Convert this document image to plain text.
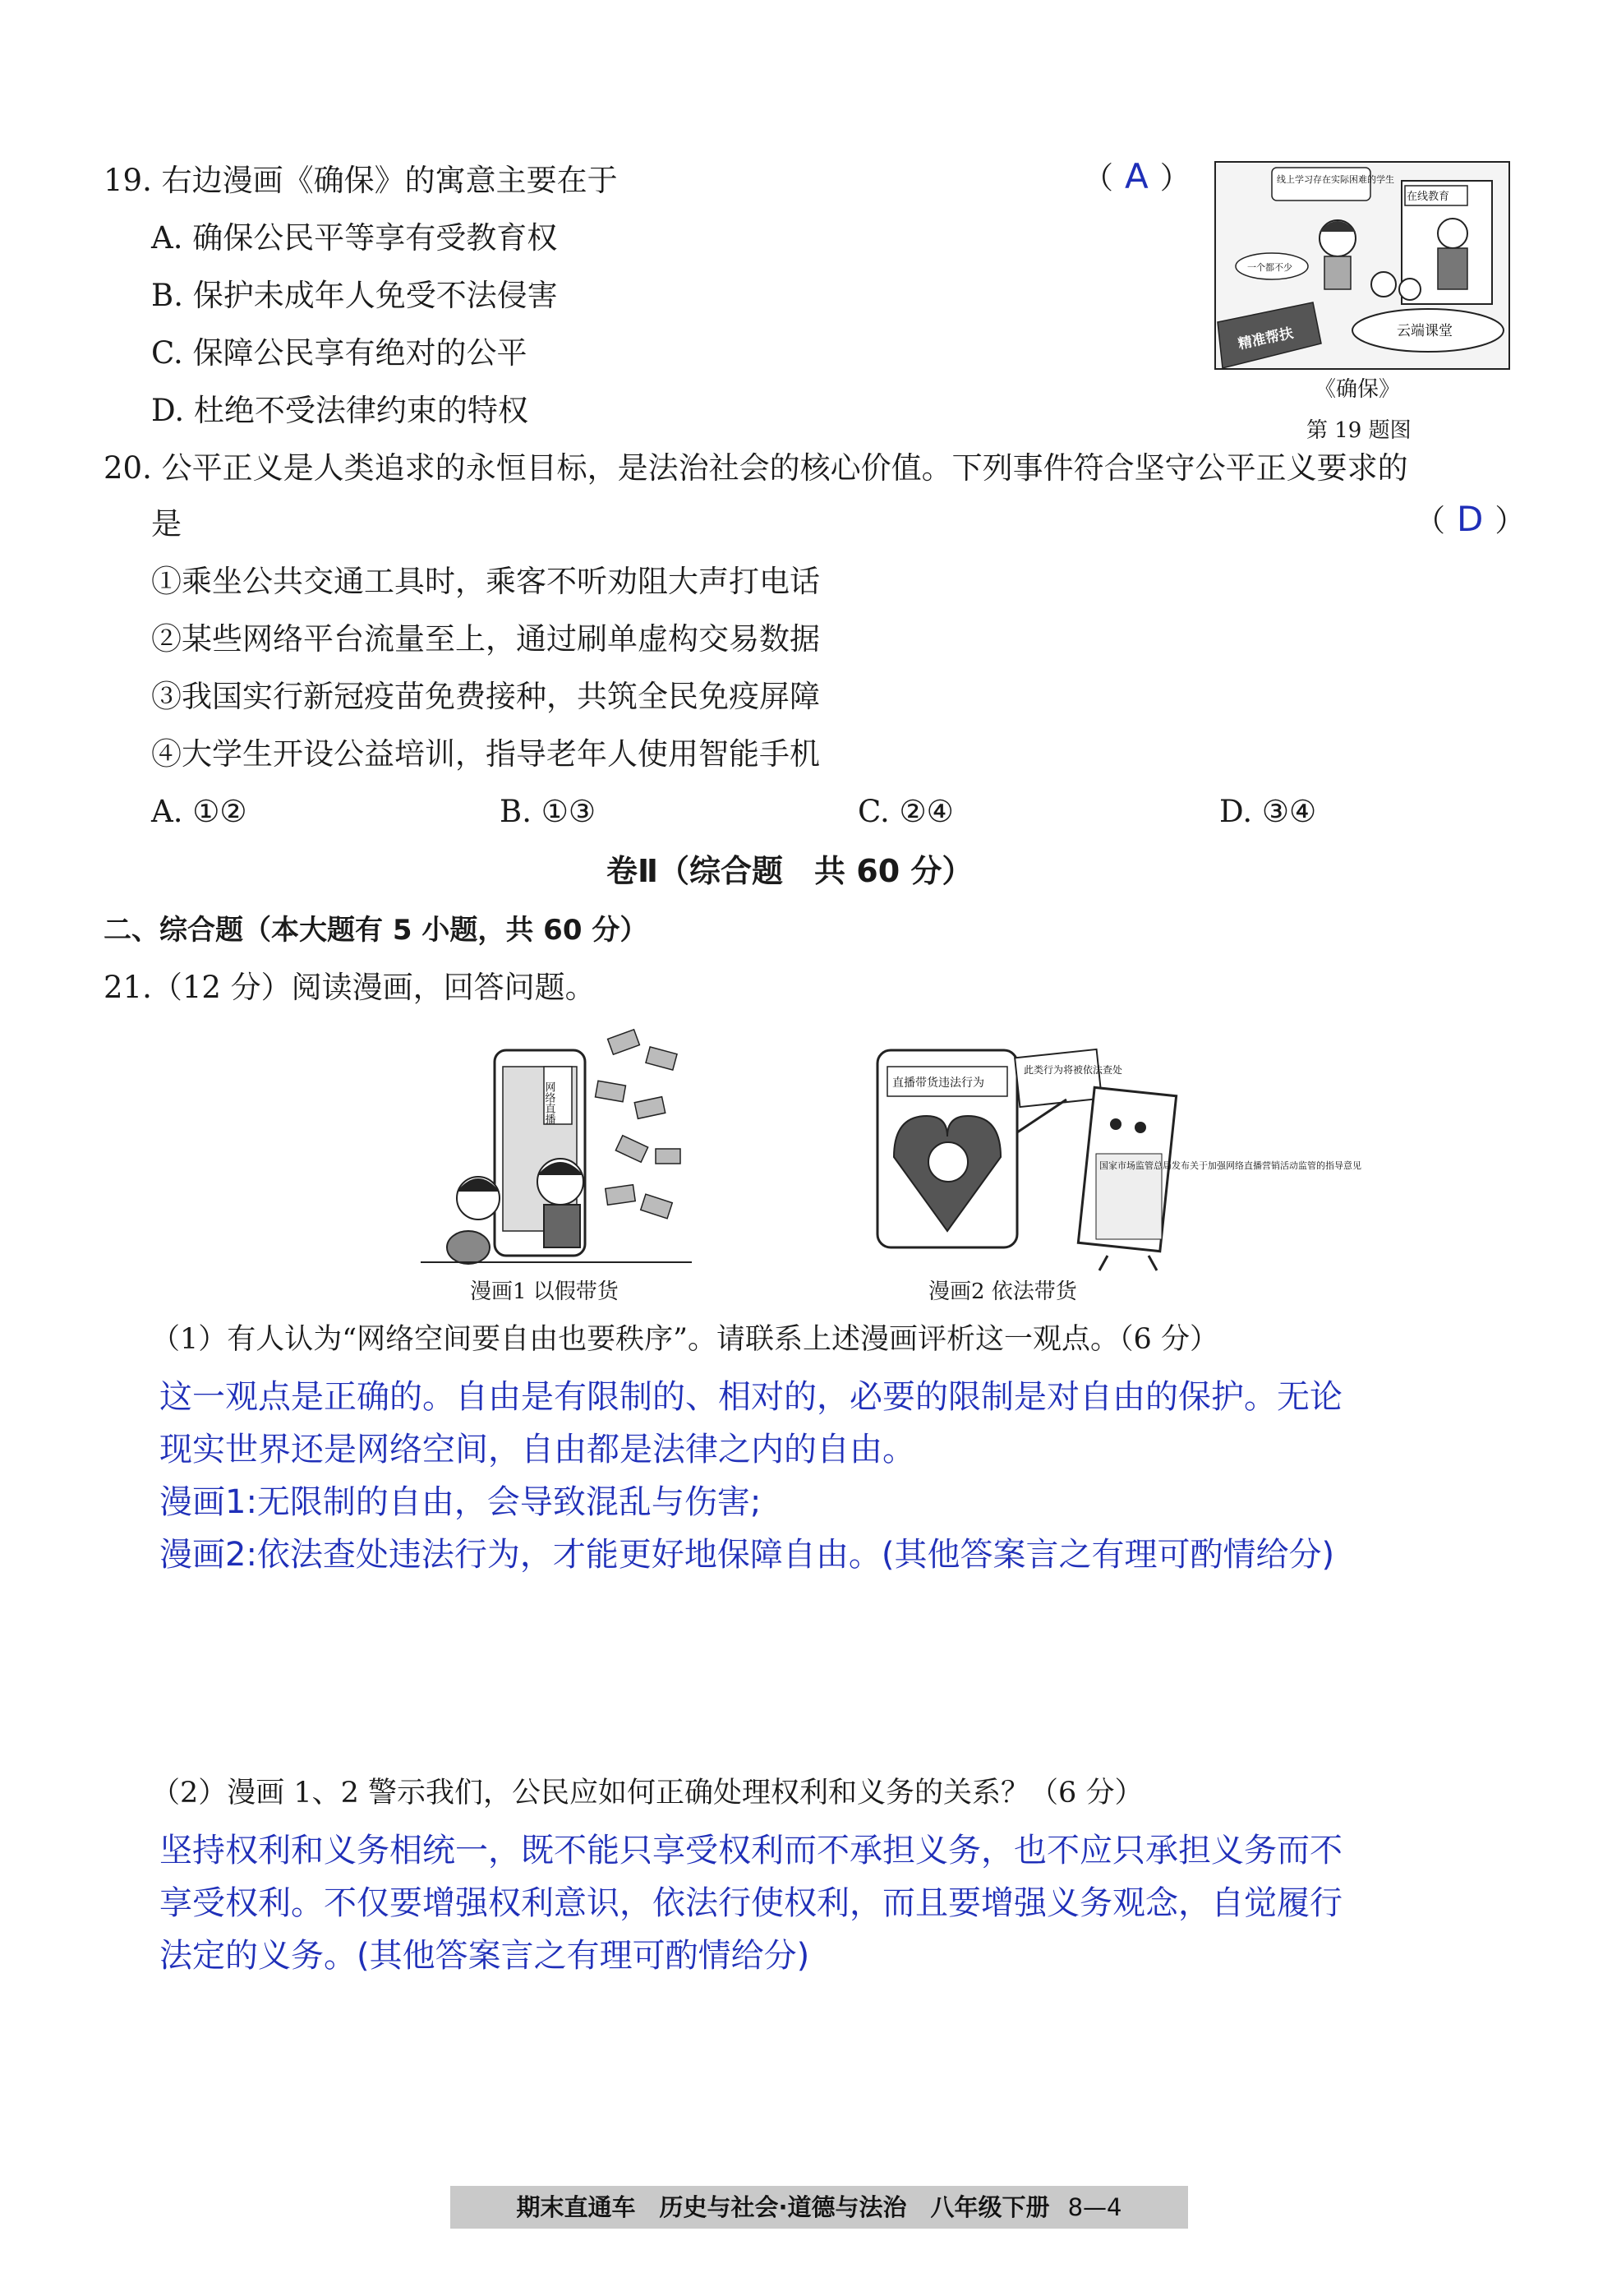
19. 右边漫画《确保》的寓意主要在于	（ A ）
A. 确保公民平等享有受教育权
B. 保护未成年人免受不法侵害
C. 保障公民享有绝对的公平
D. 杜绝不受法律约束的特权
精准帮扶
线上学习存在实际困难的学生
在线教育
一个都不少
云端课堂
《确保》
第 19 题图
20. 公平正义是人类追求的永恒目标，是法治社会的核心价值。下列事件符合坚守公平正义要求的
是	（ D ）
①乘坐公共交通工具时，乘客不听劝阻大声打电话
②某些网络平台流量至上，通过刷单虚构交易数据
③我国实行新冠疫苗免费接种，共筑全民免疫屏障
④大学生开设公益培训，指导老年人使用智能手机
A. ①②	B. ①③	C. ②④	D. ③④
卷Ⅱ（综合题　共 60 分）
二、综合题（本大题有 5 小题，共 60 分）
21.（12 分）阅读漫画，回答问题。
网络直播
漫画1 以假带货
直播带货违法行为
此类行为将被依法查处
国家市场监管总局发布关于加强网络直播营销活动监管的指导意见
漫画2 依法带货
（1）有人认为“网络空间要自由也要秩序”。请联系上述漫画评析这一观点。（6 分）
这一观点是正确的。自由是有限制的、相对的，必要的限制是对自由的保护。无论
现实世界还是网络空间，自由都是法律之内的自由。
漫画1:无限制的自由，会导致混乱与伤害;
漫画2:依法查处违法行为，才能更好地保障自由。(其他答案言之有理可酌情给分)
（2）漫画 1、2 警示我们，公民应如何正确处理权利和义务的关系？（6 分）
坚持权利和义务相统一，既不能只享受权利而不承担义务，也不应只承担义务而不
享受权利。不仅要增强权利意识，依法行使权利，而且要增强义务观念，自觉履行
法定的义务。(其他答案言之有理可酌情给分)
期末直通车　历史与社会·道德与法治　八年级下册 8—4
